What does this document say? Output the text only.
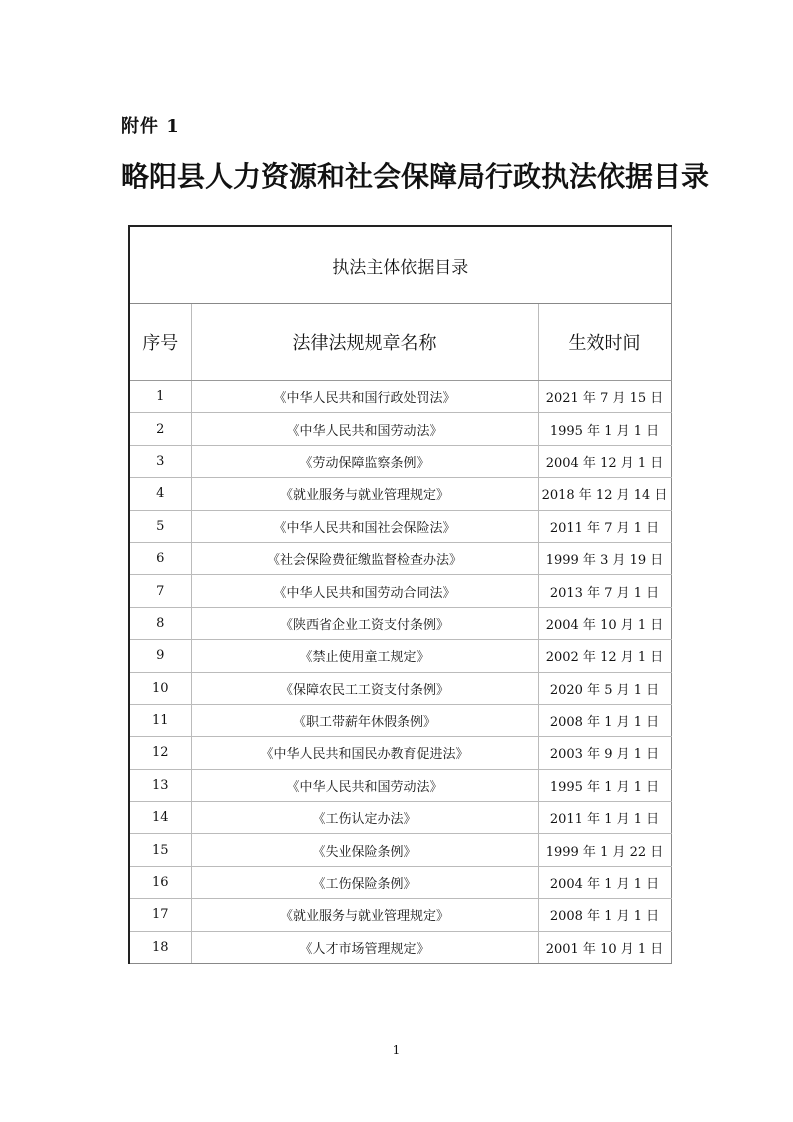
附件 1
略阳县人力资源和社会保障局行政执法依据目录
执法主体依据目录		
序号	法律法规规章名称	生效时间
1	《中华人民共和国行政处罚法》	2021 年 7 月 15 日
2	《中华人民共和国劳动法》	1995 年 1 月 1 日
3	《劳动保障监察条例》	2004 年 12 月 1 日
4	《就业服务与就业管理规定》	2018 年 12 月 14 日
5	《中华人民共和国社会保险法》	2011 年 7 月 1 日
6	《社会保险费征缴监督检查办法》	1999 年 3 月 19 日
7	《中华人民共和国劳动合同法》	2013 年 7 月 1 日
8	《陕西省企业工资支付条例》	2004 年 10 月 1 日
9	《禁止使用童工规定》	2002 年 12 月 1 日
10	《保障农民工工资支付条例》	2020 年 5 月 1 日
11	《职工带薪年休假条例》	2008 年 1 月 1 日
12	《中华人民共和国民办教育促进法》	2003 年 9 月 1 日
13	《中华人民共和国劳动法》	1995 年 1 月 1 日
14	《工伤认定办法》	2011 年 1 月 1 日
15	《失业保险条例》	1999 年 1 月 22 日
16	《工伤保险条例》	2004 年 1 月 1 日
17	《就业服务与就业管理规定》	2008 年 1 月 1 日
18	《人才市场管理规定》	2001 年 10 月 1 日
1
